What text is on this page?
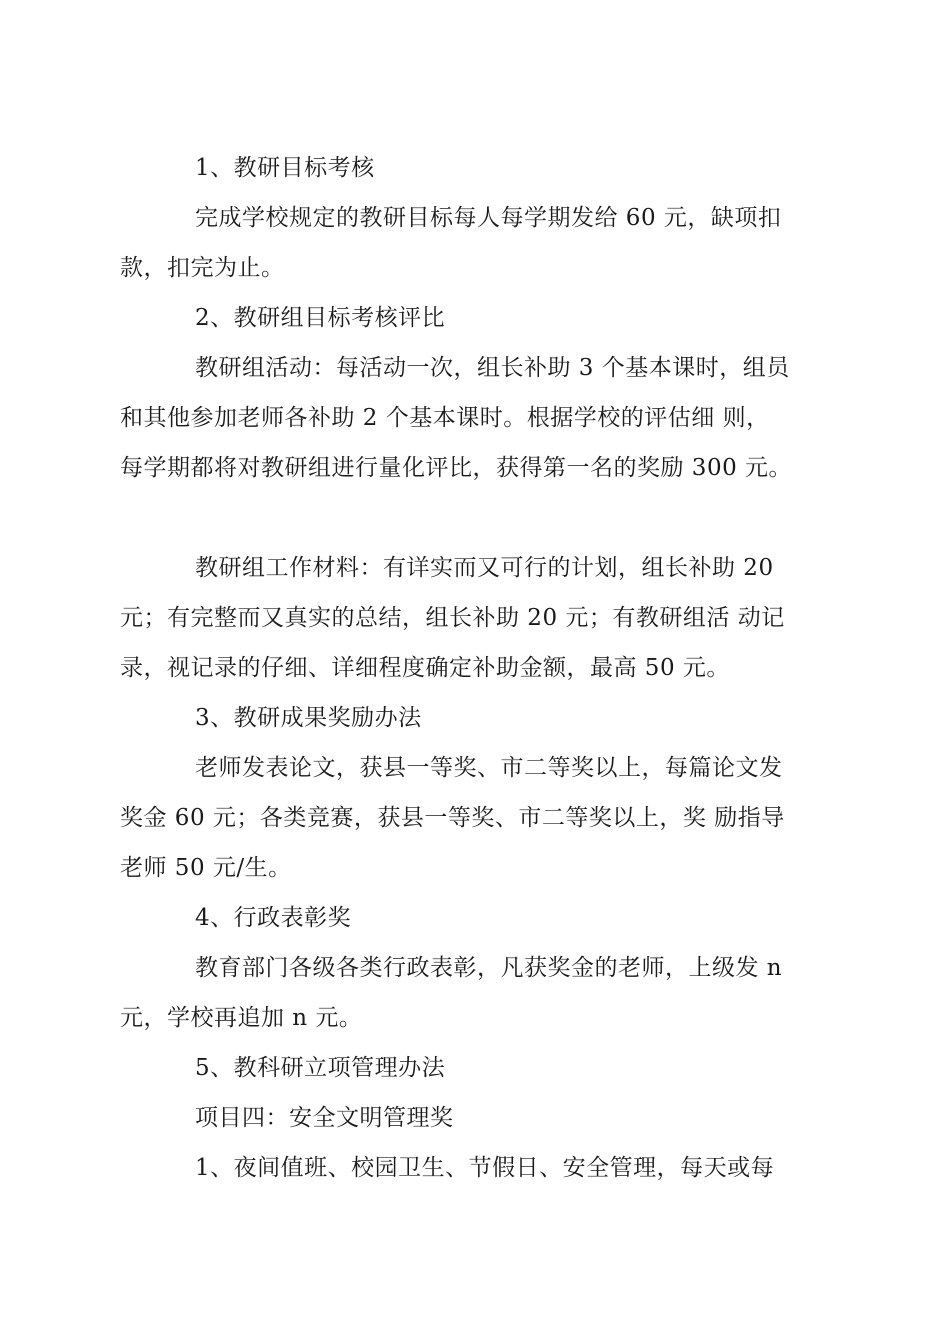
1、教研目标考核
完成学校规定的教研目标每人每学期发给 60 元，缺项扣
款，扣完为止。
2、教研组目标考核评比
教研组活动：每活动一次，组长补助 3 个基本课时，组员
和其他参加老师各补助 2 个基本课时。根据学校的评估细 则，
每学期都将对教研组进行量化评比，获得第一名的奖励 300 元。
教研组工作材料：有详实而又可行的计划，组长补助 20
元；有完整而又真实的总结，组长补助 20 元；有教研组活 动记
录，视记录的仔细、详细程度确定补助金额，最高 50 元。
3、教研成果奖励办法
老师发表论文，获县一等奖、市二等奖以上，每篇论文发
奖金 60 元；各类竞赛，获县一等奖、市二等奖以上，奖 励指导
老师 50 元/生。
4、行政表彰奖
教育部门各级各类行政表彰，凡获奖金的老师，上级发 n
元，学校再追加 n 元。
5、教科研立项管理办法
项目四：安全文明管理奖
1、夜间值班、校园卫生、节假日、安全管理，每天或每
